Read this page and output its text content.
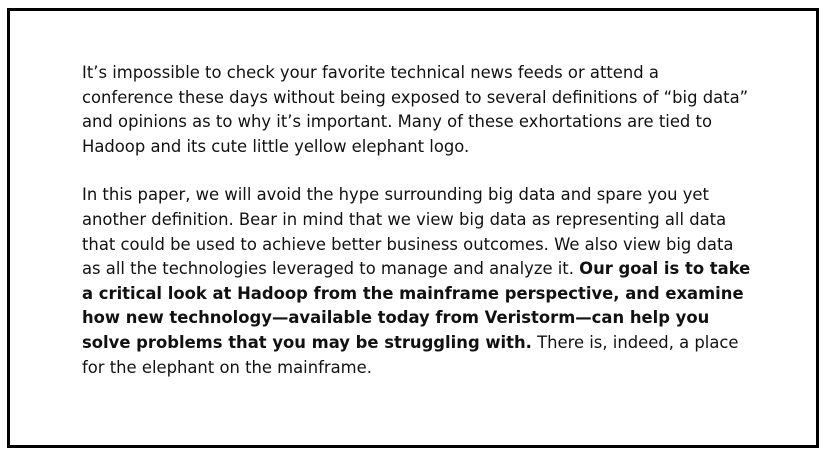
It’s impossible to check your favorite technical news feeds or attend a conference these days without being exposed to several definitions of “big data” and opinions as to why it’s important. Many of these exhortations are tied to Hadoop and its cute little yellow elephant logo.

In this paper, we will avoid the hype surrounding big data and spare you yet another definition. Bear in mind that we view big data as representing all data that could be used to achieve better business outcomes. We also view big data as all the technologies leveraged to manage and analyze it. Our goal is to take a critical look at Hadoop from the mainframe perspective, and examine how new technology—available today from Veristorm—can help you solve problems that you may be struggling with. There is, indeed, a place for the elephant on the mainframe.
